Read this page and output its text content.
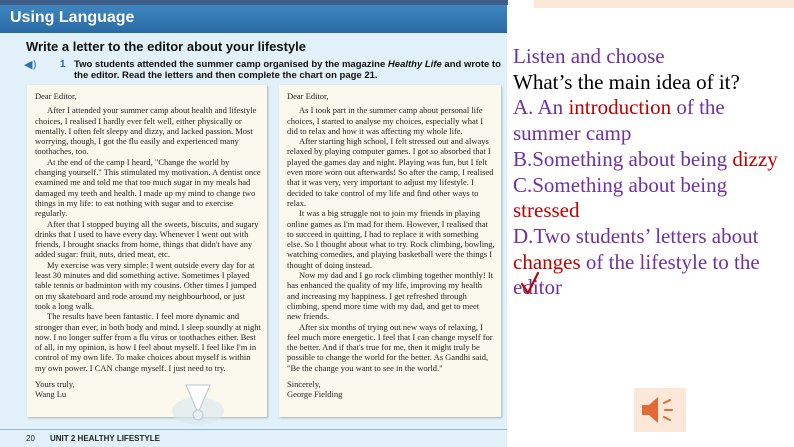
Using Language
Write a letter to the editor about your lifestyle
◀) 1 Two students attended the summer camp organised by the magazine Healthy Life and wrote to the editor. Read the letters and then complete the chart on page 21.

Dear Editor,

After I attended your summer camp about health and lifestyle choices, I realised I hardly ever felt well, either physically or mentally. I often felt sleepy and dizzy, and lacked passion. Most worrying, though, I got the flu easily and experienced many toothaches, too.

At the end of the camp I heard, "Change the world by changing yourself." This stimulated my motivation. A dentist once examined me and told me that too much sugar in my meals had damaged my teeth and health. I made up my mind to change two things in my life: to eat nothing with sugar and to exercise regularly.

After that I stopped buying all the sweets, biscuits, and sugary drinks that I used to have every day. Whenever I went out with friends, I brought snacks from home, things that didn't have any added sugar: fruit, nuts, dried meat, etc.

My exercise was very simple: I went outside every day for at least 30 minutes and did something active. Sometimes I played table tennis or badminton with my cousins. Other times I jumped on my skateboard and rode around my neighbourhood, or just took a long walk.

The results have been fantastic. I feel more dynamic and stronger than ever, in both body and mind. I sleep soundly at night now. I no longer suffer from a flu virus or toothaches either. Best of all, in my opinion, is how I feel about myself. I feel like I'm in control of my own life. To make choices about myself is within my own power. I CAN change myself. I just need to try.

Yours truly,

Wang Lu

Dear Editor,

As I took part in the summer camp about personal life choices, I started to analyse my choices, especially what I did to relax and how it was affecting my whole life.

After starting high school, I felt stressed out and always relaxed by playing computer games. I got so absorbed that I played the games day and night. Playing was fun, but I felt even more worn out afterwards! So after the camp, I realised that it was very, very important to adjust my lifestyle. I decided to take control of my life and find other ways to relax.

It was a big struggle not to join my friends in playing online games as I'm mad for them. However, I realised that to succeed in quitting, I had to replace it with something else. So I thought about what to try. Rock climbing, bowling, watching comedies, and playing basketball were the things I thought of doing instead.

Now my dad and I go rock climbing together monthly! It has enhanced the quality of my life, improving my health and increasing my happiness. I get refreshed through climbing, spend more time with my dad, and get to meet new friends.

After six months of trying out new ways of relaxing, I feel much more energetic. I feel that I can change myself for the better. And if that's true for me, then it might truly be possible to change the world for the better. As Gandhi said, "Be the change you want to see in the world."

Sincerely,

George Fielding

20 UNIT 2 HEALTHY LIFESTYLE
Listen and choose
What’s the main idea of it?
A. An introduction of the summer camp
B.Something about being dizzy
C.Something about being stressed
D.Two students’ letters about changes of the lifestyle to the editor
